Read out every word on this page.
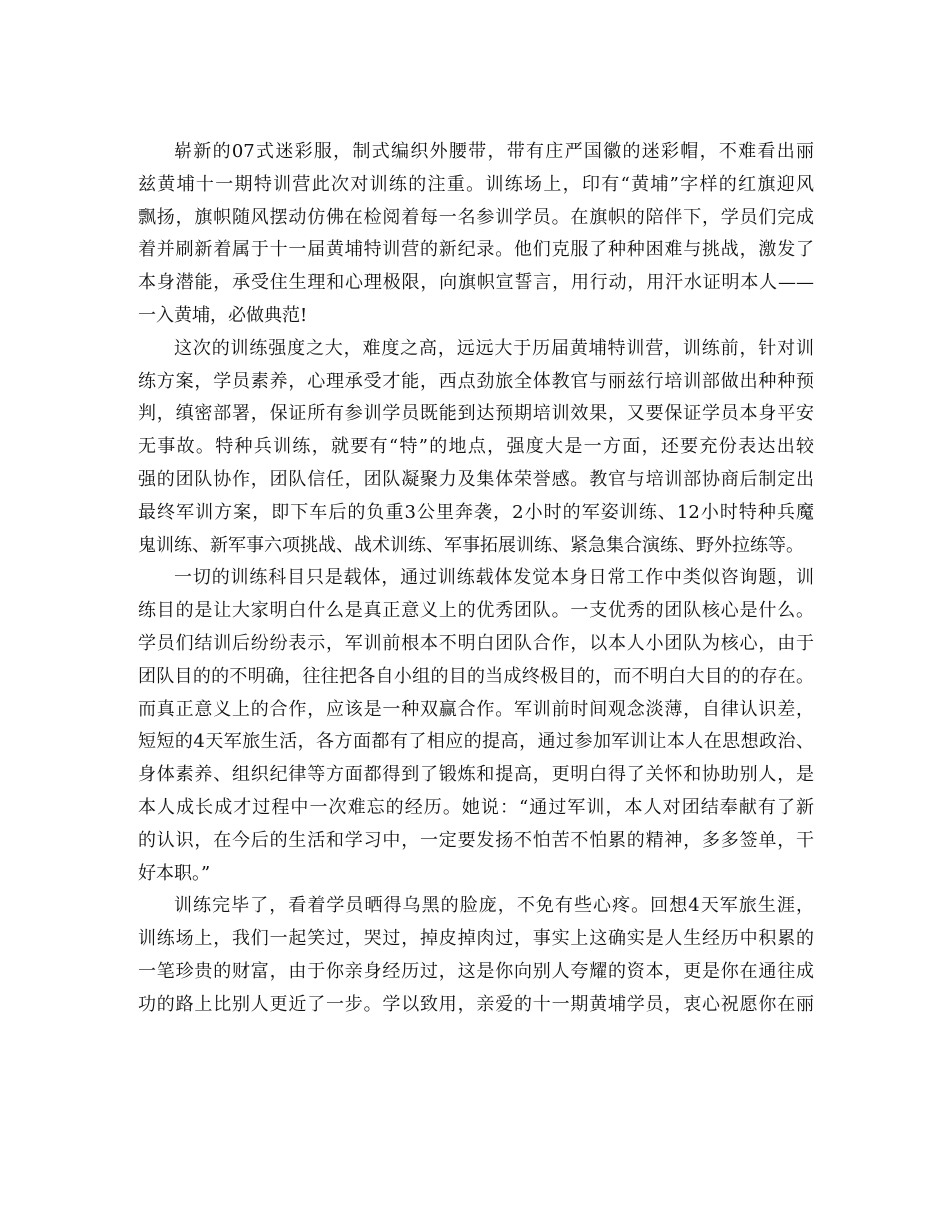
崭新的07式迷彩服，制式编织外腰带，带有庄严国徽的迷彩帽，不难看出丽
兹黄埔十一期特训营此次对训练的注重。训练场上，印有“黄埔”字样的红旗迎风
飘扬，旗帜随风摆动仿佛在检阅着每一名参训学员。在旗帜的陪伴下，学员们完成
着并刷新着属于十一届黄埔特训营的新纪录。他们克服了种种困难与挑战，激发了
本身潜能，承受住生理和心理极限，向旗帜宣誓言，用行动，用汗水证明本人——
一入黄埔，必做典范!
这次的训练强度之大，难度之高，远远大于历届黄埔特训营，训练前，针对训
练方案，学员素养，心理承受才能，西点劲旅全体教官与丽兹行培训部做出种种预
判，缜密部署，保证所有参训学员既能到达预期培训效果，又要保证学员本身平安
无事故。特种兵训练，就要有“特”的地点，强度大是一方面，还要充份表达出较
强的团队协作，团队信任，团队凝聚力及集体荣誉感。教官与培训部协商后制定出
最终军训方案，即下车后的负重3公里奔袭，2小时的军姿训练、12小时特种兵魔
鬼训练、新军事六项挑战、战术训练、军事拓展训练、紧急集合演练、野外拉练等。
一切的训练科目只是载体，通过训练载体发觉本身日常工作中类似咨询题，训
练目的是让大家明白什么是真正意义上的优秀团队。一支优秀的团队核心是什么。
学员们结训后纷纷表示，军训前根本不明白团队合作，以本人小团队为核心，由于
团队目的的不明确，往往把各自小组的目的当成终极目的，而不明白大目的的存在。
而真正意义上的合作，应该是一种双赢合作。军训前时间观念淡薄，自律认识差，
短短的4天军旅生活，各方面都有了相应的提高，通过参加军训让本人在思想政治、
身体素养、组织纪律等方面都得到了锻炼和提高，更明白得了关怀和协助别人，是
本人成长成才过程中一次难忘的经历。她说：“通过军训，本人对团结奉献有了新
的认识，在今后的生活和学习中，一定要发扬不怕苦不怕累的精神，多多签单，干
好本职。”
训练完毕了，看着学员晒得乌黑的脸庞，不免有些心疼。回想4天军旅生涯，
训练场上，我们一起笑过，哭过，掉皮掉肉过，事实上这确实是人生经历中积累的
一笔珍贵的财富，由于你亲身经历过，这是你向别人夸耀的资本，更是你在通往成
功的路上比别人更近了一步。学以致用，亲爱的十一期黄埔学员，衷心祝愿你在丽
